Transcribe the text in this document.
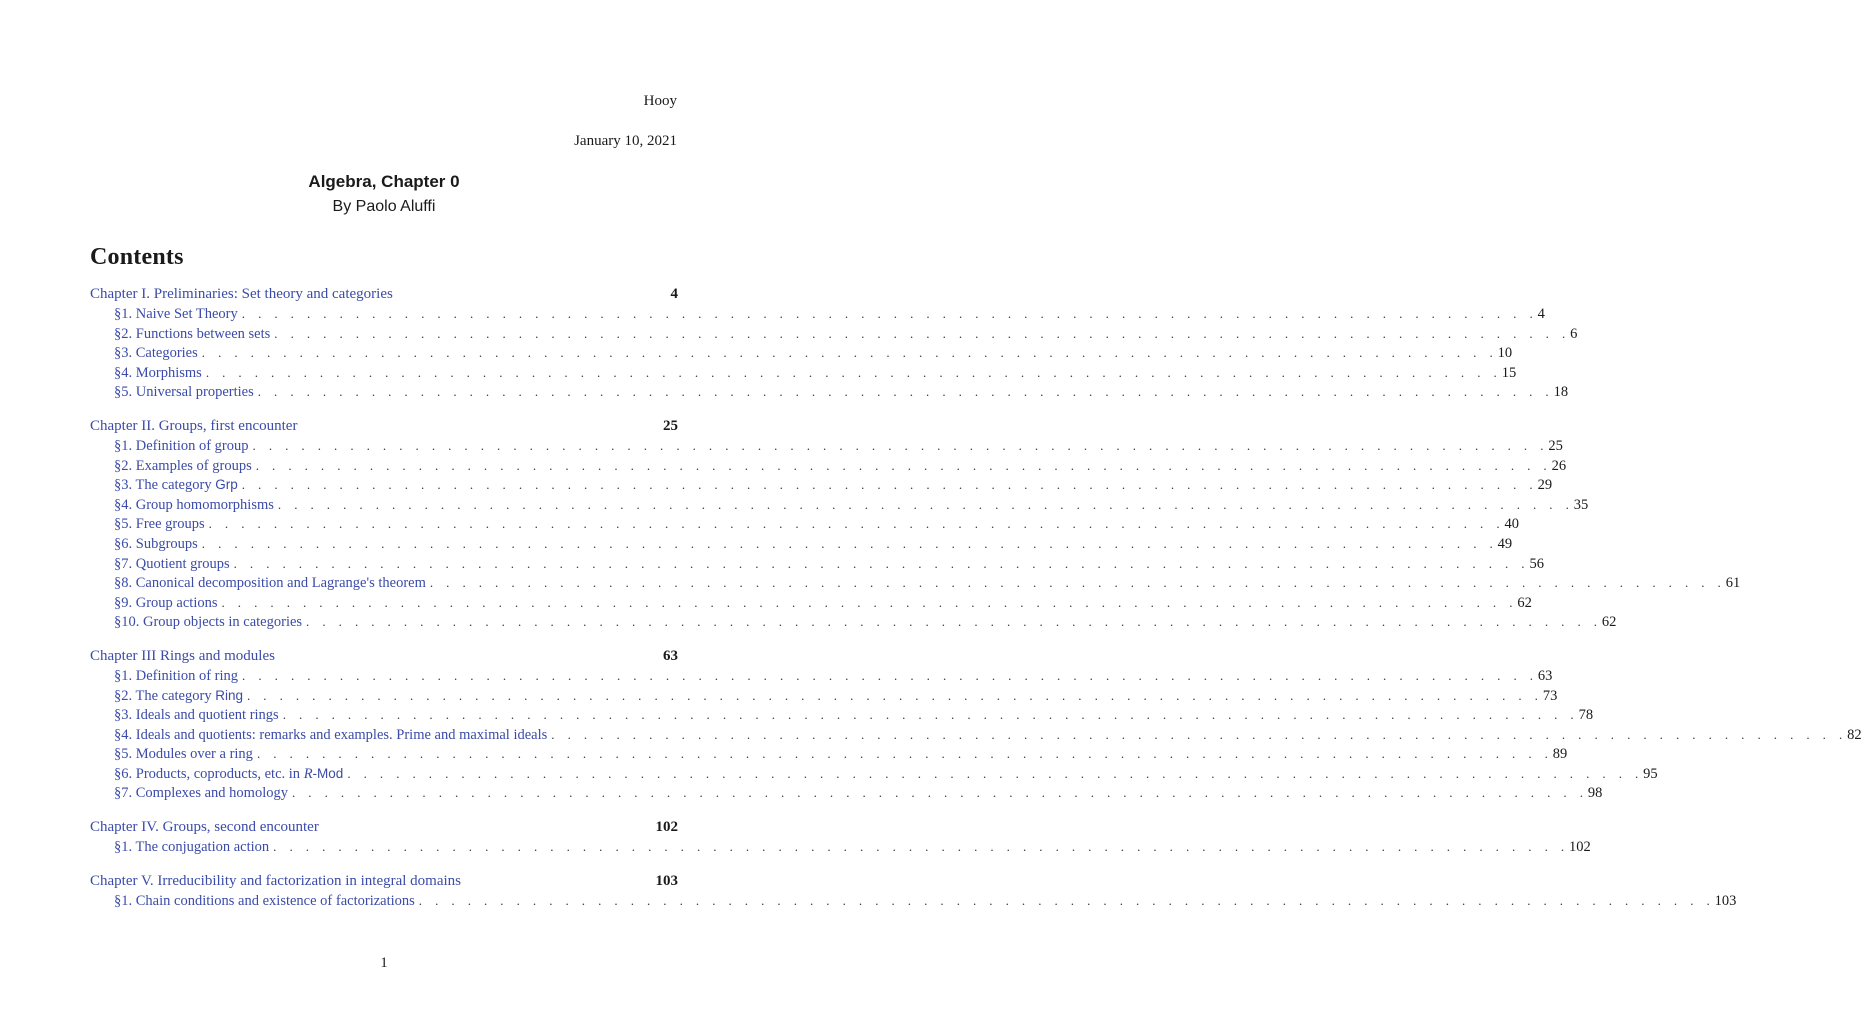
Hooy
January 10, 2021
Algebra, Chapter 0
By Paolo Aluffi
Contents
Chapter I. Preliminaries: Set theory and categories	4
§1. Naive Set Theory . . . . . . . . . . . . . . . . . . . . . . . . . . . . . . . . . . . . . . . . . . . . . . . . . . . . . . . . . . . . . . . . . . . . . . . . . . . . . . . . 4
§2. Functions between sets . . . . . . . . . . . . . . . . . . . . . . . . . . . . . . . . . . . . . . . . . . . . . . . . . . . . . . . . . . . . . . . . . . . . . . . . . . . . . . . . 6
§3. Categories . . . . . . . . . . . . . . . . . . . . . . . . . . . . . . . . . . . . . . . . . . . . . . . . . . . . . . . . . . . . . . . . . . . . . . . . . . . . . . . . 10
§4. Morphisms . . . . . . . . . . . . . . . . . . . . . . . . . . . . . . . . . . . . . . . . . . . . . . . . . . . . . . . . . . . . . . . . . . . . . . . . . . . . . . . . 15
§5. Universal properties . . . . . . . . . . . . . . . . . . . . . . . . . . . . . . . . . . . . . . . . . . . . . . . . . . . . . . . . . . . . . . . . . . . . . . . . . . . . . . . . 18
Chapter II. Groups, first encounter	25
§1. Definition of group . . . . . . . . . . . . . . . . . . . . . . . . . . . . . . . . . . . . . . . . . . . . . . . . . . . . . . . . . . . . . . . . . . . . . . . . . . . . . . . . 25
§2. Examples of groups . . . . . . . . . . . . . . . . . . . . . . . . . . . . . . . . . . . . . . . . . . . . . . . . . . . . . . . . . . . . . . . . . . . . . . . . . . . . . . . . 26
§3. The category Grp . . . . . . . . . . . . . . . . . . . . . . . . . . . . . . . . . . . . . . . . . . . . . . . . . . . . . . . . . . . . . . . . . . . . . . . . . . . . . . . . 29
§4. Group homomorphisms . . . . . . . . . . . . . . . . . . . . . . . . . . . . . . . . . . . . . . . . . . . . . . . . . . . . . . . . . . . . . . . . . . . . . . . . . . . . . . . . 35
§5. Free groups . . . . . . . . . . . . . . . . . . . . . . . . . . . . . . . . . . . . . . . . . . . . . . . . . . . . . . . . . . . . . . . . . . . . . . . . . . . . . . . . 40
§6. Subgroups . . . . . . . . . . . . . . . . . . . . . . . . . . . . . . . . . . . . . . . . . . . . . . . . . . . . . . . . . . . . . . . . . . . . . . . . . . . . . . . . 49
§7. Quotient groups . . . . . . . . . . . . . . . . . . . . . . . . . . . . . . . . . . . . . . . . . . . . . . . . . . . . . . . . . . . . . . . . . . . . . . . . . . . . . . . . 56
§8. Canonical decomposition and Lagrange's theorem . . . . . . . . . . . . . . . . . . . . . . . . . . . . . . . . . . . . . . . . . . . . . . . . . . . . . . . . . . . . . . . . . . . . . . . . . . . . . . . . 61
§9. Group actions . . . . . . . . . . . . . . . . . . . . . . . . . . . . . . . . . . . . . . . . . . . . . . . . . . . . . . . . . . . . . . . . . . . . . . . . . . . . . . . . 62
§10. Group objects in categories . . . . . . . . . . . . . . . . . . . . . . . . . . . . . . . . . . . . . . . . . . . . . . . . . . . . . . . . . . . . . . . . . . . . . . . . . . . . . . . . 62
Chapter III Rings and modules	63
§1. Definition of ring . . . . . . . . . . . . . . . . . . . . . . . . . . . . . . . . . . . . . . . . . . . . . . . . . . . . . . . . . . . . . . . . . . . . . . . . . . . . . . . . 63
§2. The category Ring . . . . . . . . . . . . . . . . . . . . . . . . . . . . . . . . . . . . . . . . . . . . . . . . . . . . . . . . . . . . . . . . . . . . . . . . . . . . . . . . 73
§3. Ideals and quotient rings . . . . . . . . . . . . . . . . . . . . . . . . . . . . . . . . . . . . . . . . . . . . . . . . . . . . . . . . . . . . . . . . . . . . . . . . . . . . . . . . 78
§4. Ideals and quotients: remarks and examples. Prime and maximal ideals . . . . . . . . . . . . . . . . . . . . . . . . . . . . . . . . . . . . . . . . . . . . . . . . . . . . . . . . . . . . . . . . . . . . . . . . . . . . . . . . 82
§5. Modules over a ring . . . . . . . . . . . . . . . . . . . . . . . . . . . . . . . . . . . . . . . . . . . . . . . . . . . . . . . . . . . . . . . . . . . . . . . . . . . . . . . . 89
§6. Products, coproducts, etc. in R-Mod . . . . . . . . . . . . . . . . . . . . . . . . . . . . . . . . . . . . . . . . . . . . . . . . . . . . . . . . . . . . . . . . . . . . . . . . . . . . . . . . 95
§7. Complexes and homology . . . . . . . . . . . . . . . . . . . . . . . . . . . . . . . . . . . . . . . . . . . . . . . . . . . . . . . . . . . . . . . . . . . . . . . . . . . . . . . . 98
Chapter IV. Groups, second encounter	102
§1. The conjugation action . . . . . . . . . . . . . . . . . . . . . . . . . . . . . . . . . . . . . . . . . . . . . . . . . . . . . . . . . . . . . . . . . . . . . . . . . . . . . . . . 102
Chapter V. Irreducibility and factorization in integral domains	103
§1. Chain conditions and existence of factorizations . . . . . . . . . . . . . . . . . . . . . . . . . . . . . . . . . . . . . . . . . . . . . . . . . . . . . . . . . . . . . . . . . . . . . . . . . . . . . . . . 103
1
